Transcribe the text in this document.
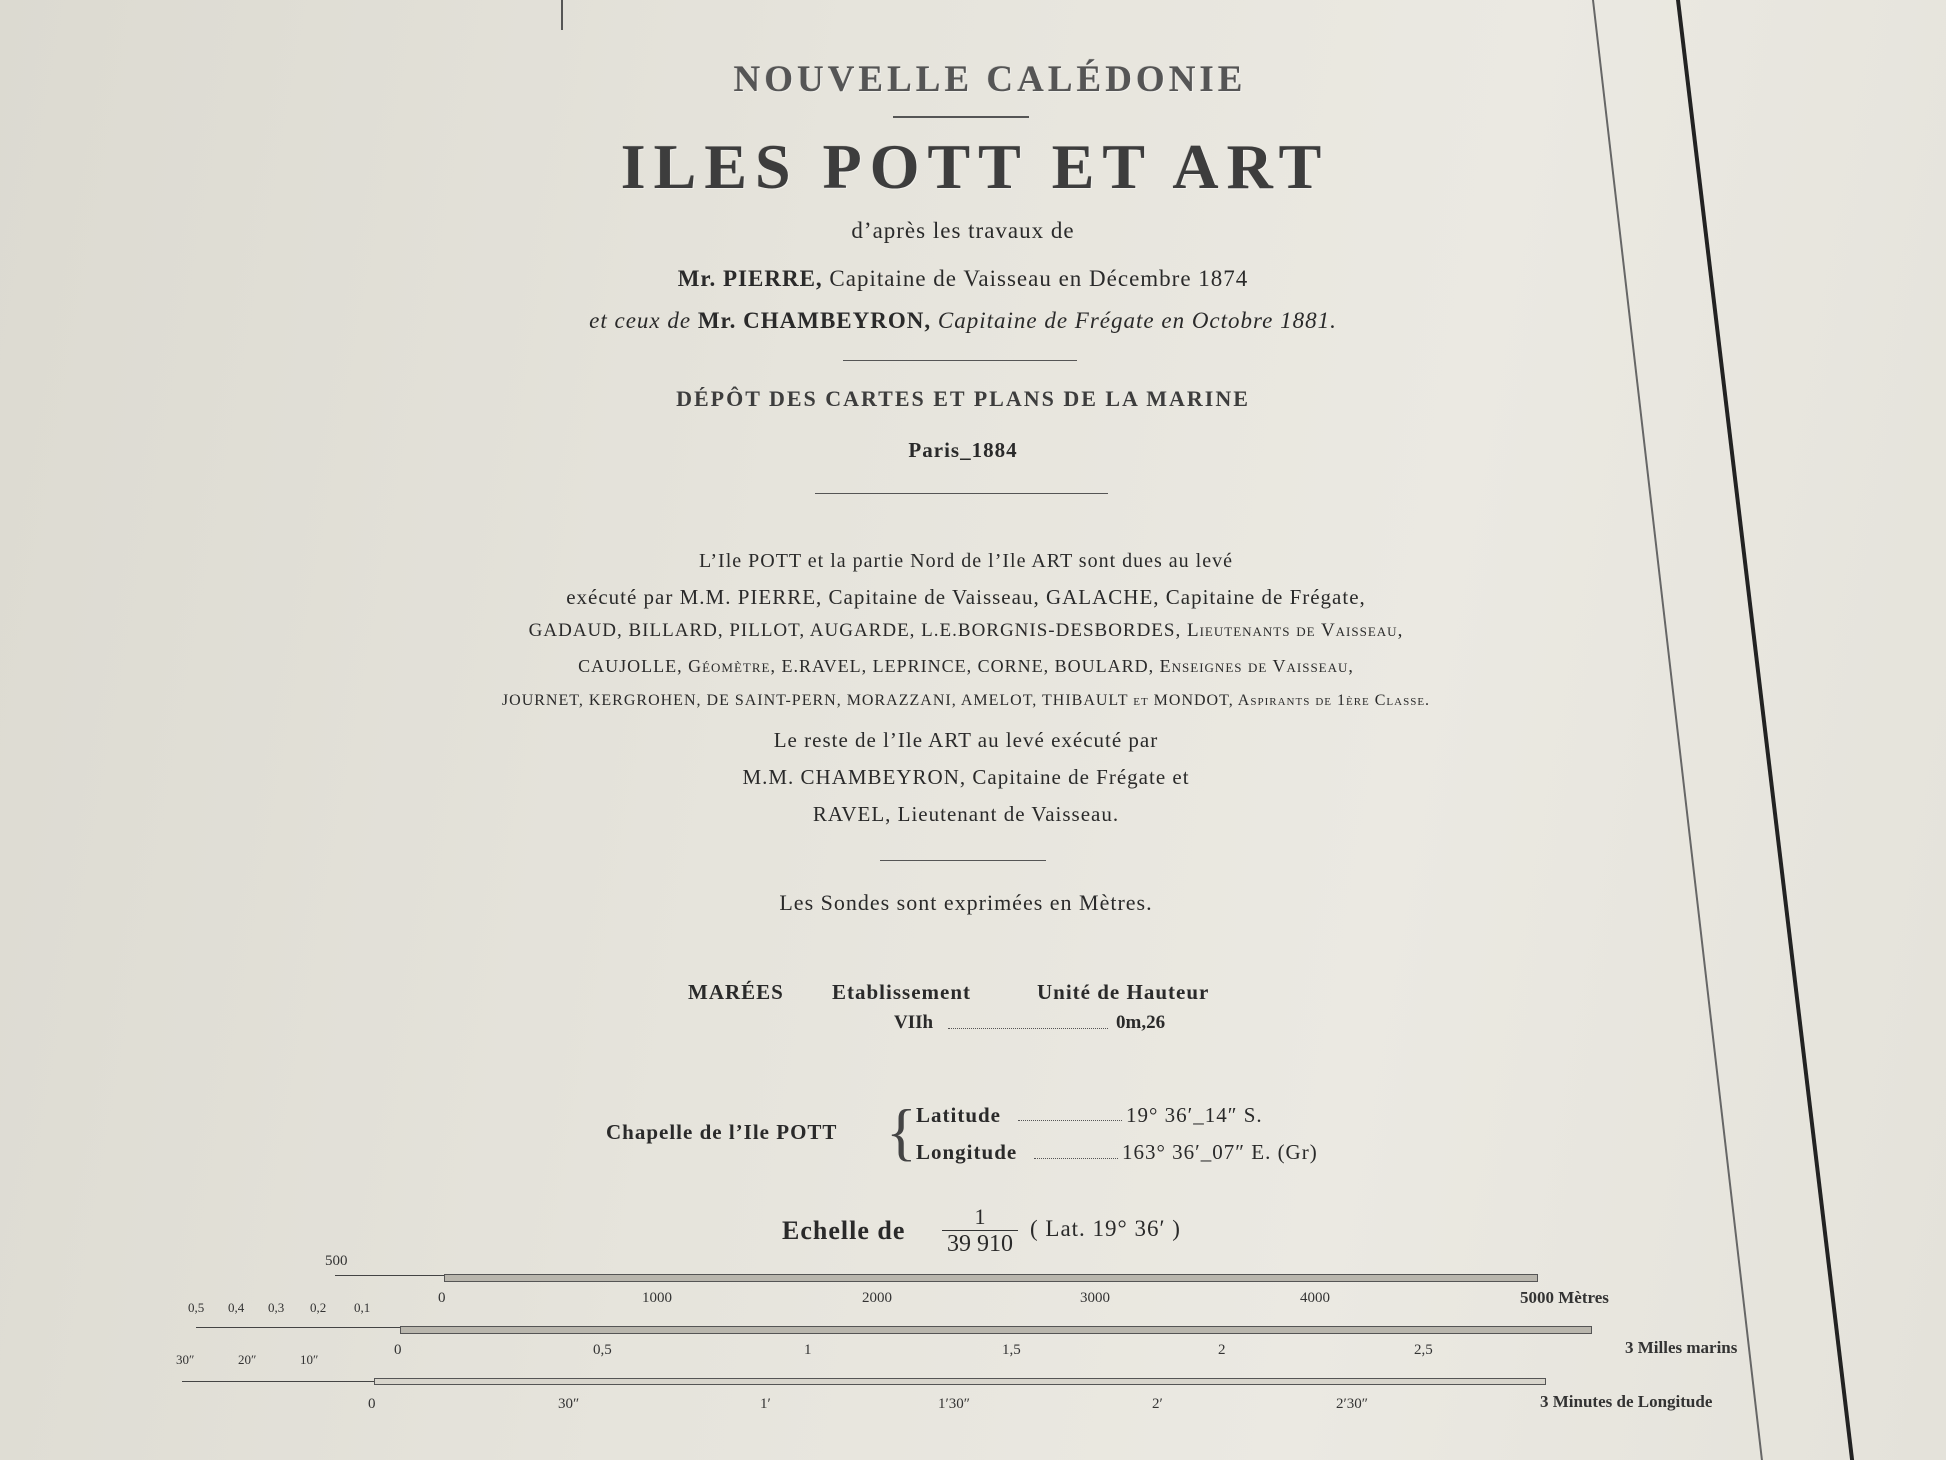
NOUVELLE CALÉDONIE
ILES POTT ET ART
d’après les travaux de
Mr. PIERRE, Capitaine de Vaisseau en Décembre 1874
et ceux de Mr. CHAMBEYRON, Capitaine de Frégate en Octobre 1881.
DÉPÔT DES CARTES ET PLANS DE LA MARINE
Paris_1884
L’Ile POTT et la partie Nord de l’Ile ART sont dues au levé
exécuté par M.M. PIERRE, Capitaine de Vaisseau, GALACHE, Capitaine de Frégate,
GADAUD, BILLARD, PILLOT, AUGARDE, L.E.BORGNIS-DESBORDES, Lieutenants de Vaisseau,
CAUJOLLE, Géomètre, E.RAVEL, LEPRINCE, CORNE, BOULARD, Enseignes de Vaisseau,
JOURNET, KERGROHEN, DE SAINT-PERN, MORAZZANI, AMELOT, THIBAULT et MONDOT, Aspirants de 1ère Classe.
Le reste de l’Ile ART au levé exécuté par
M.M. CHAMBEYRON, Capitaine de Frégate et
RAVEL, Lieutenant de Vaisseau.
Les Sondes sont exprimées en Mètres.
MARÉES Etablissement	Unité de Hauteur
VIIh	0m,26
Chapelle de l’Ile POTT { Latitude	19° 36′_14″ S.
Longitude	163° 36′_07″ E. (Gr)
Echelle de $\frac{1}{39 910}$ ( Lat. 19° 36′ )
500
0	1000	2000	3000	4000	5000 Mètres
0,5 0,4 0,3 0,2 0,1
0	0,5	1	1,5	2	2,5	3 Milles marins
30″	20″	10″
0	30″	1′	1′30″	2′	2′30″	3 Minutes de Longitude
